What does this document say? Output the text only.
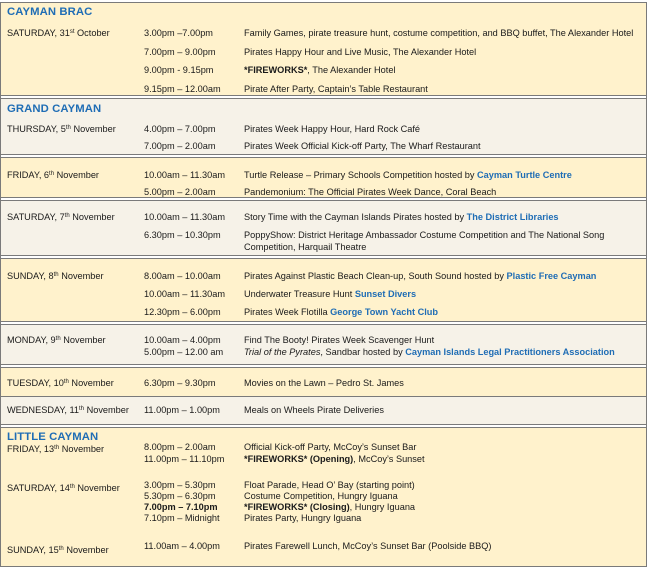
CAYMAN BRAC
SATURDAY, 31st October	3.00pm –7.00pm	Family Games, pirate treasure hunt, costume competition, and BBQ buffet, The Alexander Hotel
7.00pm – 9.00pm	Pirates Happy Hour and Live Music, The Alexander Hotel
9.00pm - 9.15pm	*FIREWORKS*, The Alexander Hotel
9.15pm – 12.00am	Pirate After Party, Captain’s Table Restaurant
GRAND CAYMAN
THURSDAY, 5th November	4.00pm – 7.00pm	Pirates Week Happy Hour, Hard Rock Café
7.00pm – 2.00am	Pirates Week Official Kick-off Party, The Wharf Restaurant
FRIDAY, 6th November	10.00am – 11.30am Turtle Release – Primary Schools Competition hosted by Cayman Turtle Centre
5.00pm – 2.00am	Pandemonium: The Official Pirates Week Dance, Coral Beach
SATURDAY, 7th November	10.00am – 11.30am Story Time with the Cayman Islands Pirates hosted by The District Libraries
6.30pm – 10.30pm	PoppyShow: District Heritage Ambassador Costume Competition and The National Song Competition, Harquail Theatre
SUNDAY, 8th November	8.00am – 10.00am	Pirates Against Plastic Beach Clean-up, South Sound hosted by Plastic Free Cayman
10.00am – 11.30am Underwater Treasure Hunt Sunset Divers
12.30pm – 6.00pm	Pirates Week Flotilla George Town Yacht Club
MONDAY, 9th November	10.00am – 4.00pm	Find The Booty! Pirates Week Scavenger Hunt
5.00pm – 12.00 am Trial of the Pyrates, Sandbar hosted by Cayman Islands Legal Practitioners Association
TUESDAY, 10th November	6.30pm – 9.30pm	Movies on the Lawn – Pedro St. James
WEDNESDAY, 11th November 11.00pm – 1.00pm	Meals on Wheels Pirate Deliveries
LITTLE CAYMAN
FRIDAY, 13th November	8.00pm – 2.00am	Official Kick-off Party, McCoy’s Sunset Bar
11.00pm – 11.10pm *FIREWORKS* (Opening), McCoy’s Sunset
SATURDAY, 14th November	3.00pm – 5.30pm	Float Parade, Head O’ Bay (starting point)
5.30pm – 6.30pm	Costume Competition, Hungry Iguana
7.00pm – 7.10pm	*FIREWORKS* (Closing), Hungry Iguana
7.10pm – Midnight	Pirates Party, Hungry Iguana
SUNDAY, 15th November	11.00am – 4.00pm	Pirates Farewell Lunch, McCoy’s Sunset Bar (Poolside BBQ)
